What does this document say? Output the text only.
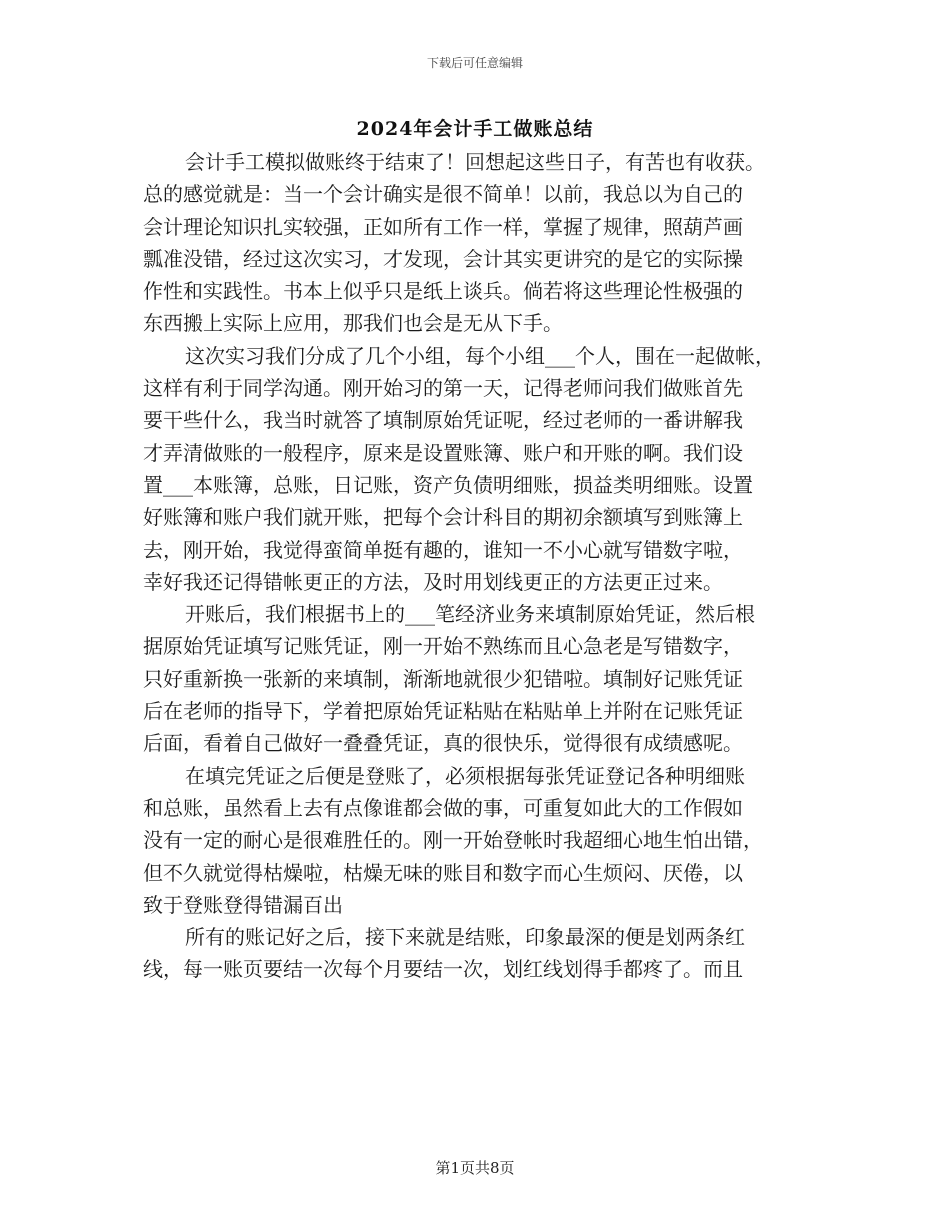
下载后可任意编辑
2024年会计手工做账总结
会计手工模拟做账终于结束了！回想起这些日子，有苦也有收获。
总的感觉就是：当一个会计确实是很不简单！以前，我总以为自己的
会计理论知识扎实较强，正如所有工作一样，掌握了规律，照葫芦画
瓢准没错，经过这次实习，才发现，会计其实更讲究的是它的实际操
作性和实践性。书本上似乎只是纸上谈兵。倘若将这些理论性极强的
东西搬上实际上应用，那我们也会是无从下手。
这次实习我们分成了几个小组，每个小组___个人，围在一起做帐，
这样有利于同学沟通。刚开始习的第一天，记得老师问我们做账首先
要干些什么，我当时就答了填制原始凭证呢，经过老师的一番讲解我
才弄清做账的一般程序，原来是设置账簿、账户和开账的啊。我们设
置___本账簿，总账，日记账，资产负债明细账，损益类明细账。设置
好账簿和账户我们就开账，把每个会计科目的期初余额填写到账簿上
去，刚开始，我觉得蛮简单挺有趣的，谁知一不小心就写错数字啦，
幸好我还记得错帐更正的方法，及时用划线更正的方法更正过来。
开账后，我们根据书上的___笔经济业务来填制原始凭证，然后根
据原始凭证填写记账凭证，刚一开始不熟练而且心急老是写错数字，
只好重新换一张新的来填制，渐渐地就很少犯错啦。填制好记账凭证
后在老师的指导下，学着把原始凭证粘贴在粘贴单上并附在记账凭证
后面，看着自己做好一叠叠凭证，真的很快乐，觉得很有成绩感呢。
在填完凭证之后便是登账了，必须根据每张凭证登记各种明细账
和总账，虽然看上去有点像谁都会做的事，可重复如此大的工作假如
没有一定的耐心是很难胜任的。刚一开始登帐时我超细心地生怕出错，
但不久就觉得枯燥啦，枯燥无味的账目和数字而心生烦闷、厌倦，以
致于登账登得错漏百出
所有的账记好之后，接下来就是结账，印象最深的便是划两条红
线，每一账页要结一次每个月要结一次，划红线划得手都疼了。而且
第1页共8页
